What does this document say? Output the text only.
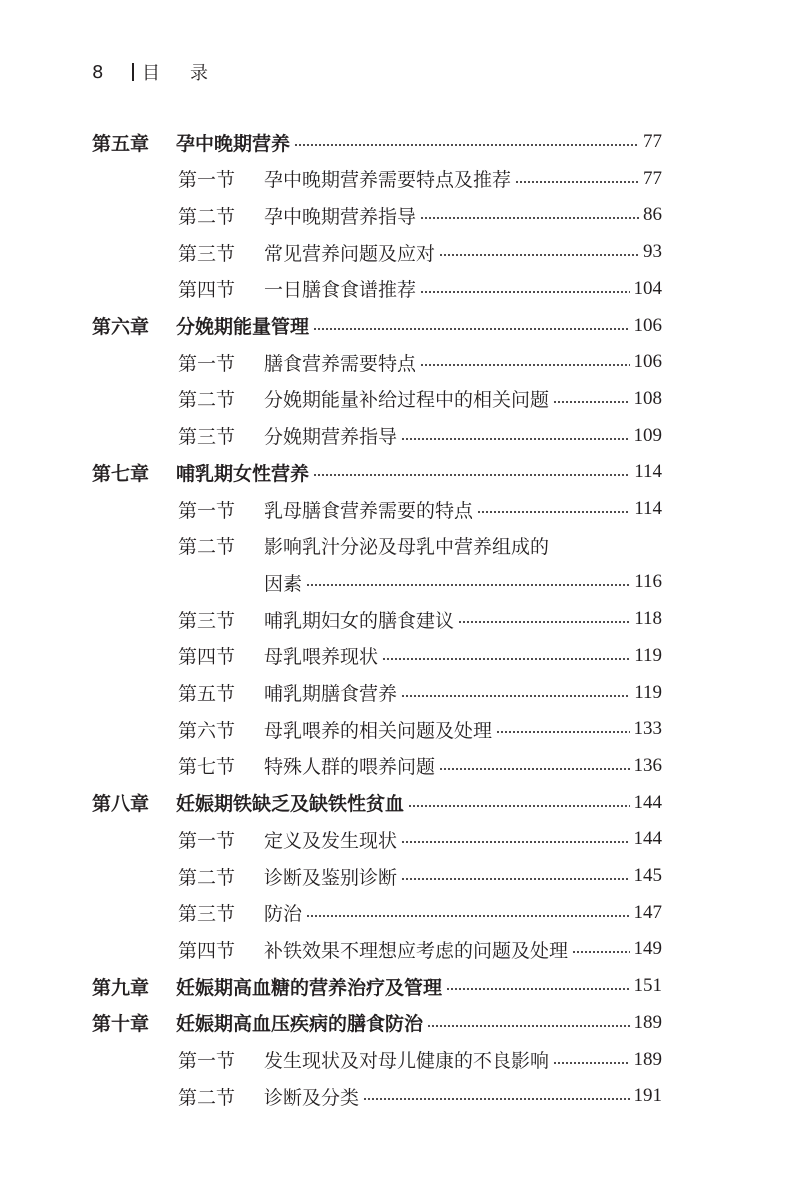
8	目录
第五章	孕中晚期营养	77
第一节	孕中晚期营养需要特点及推荐	77
第二节	孕中晚期营养指导	86
第三节	常见营养问题及应对	93
第四节	一日膳食食谱推荐	104
第六章	分娩期能量管理	106
第一节	膳食营养需要特点	106
第二节	分娩期能量补给过程中的相关问题	108
第三节	分娩期营养指导	109
第七章	哺乳期女性营养	114
第一节	乳母膳食营养需要的特点	114
第二节	影响乳汁分泌及母乳中营养组成的
因素	116
第三节	哺乳期妇女的膳食建议	118
第四节	母乳喂养现状	119
第五节	哺乳期膳食营养	119
第六节	母乳喂养的相关问题及处理	133
第七节	特殊人群的喂养问题	136
第八章	妊娠期铁缺乏及缺铁性贫血	144
第一节	定义及发生现状	144
第二节	诊断及鉴别诊断	145
第三节	防治	147
第四节	补铁效果不理想应考虑的问题及处理	149
第九章	妊娠期高血糖的营养治疗及管理	151
第十章	妊娠期高血压疾病的膳食防治	189
第一节	发生现状及对母儿健康的不良影响	189
第二节	诊断及分类	191
